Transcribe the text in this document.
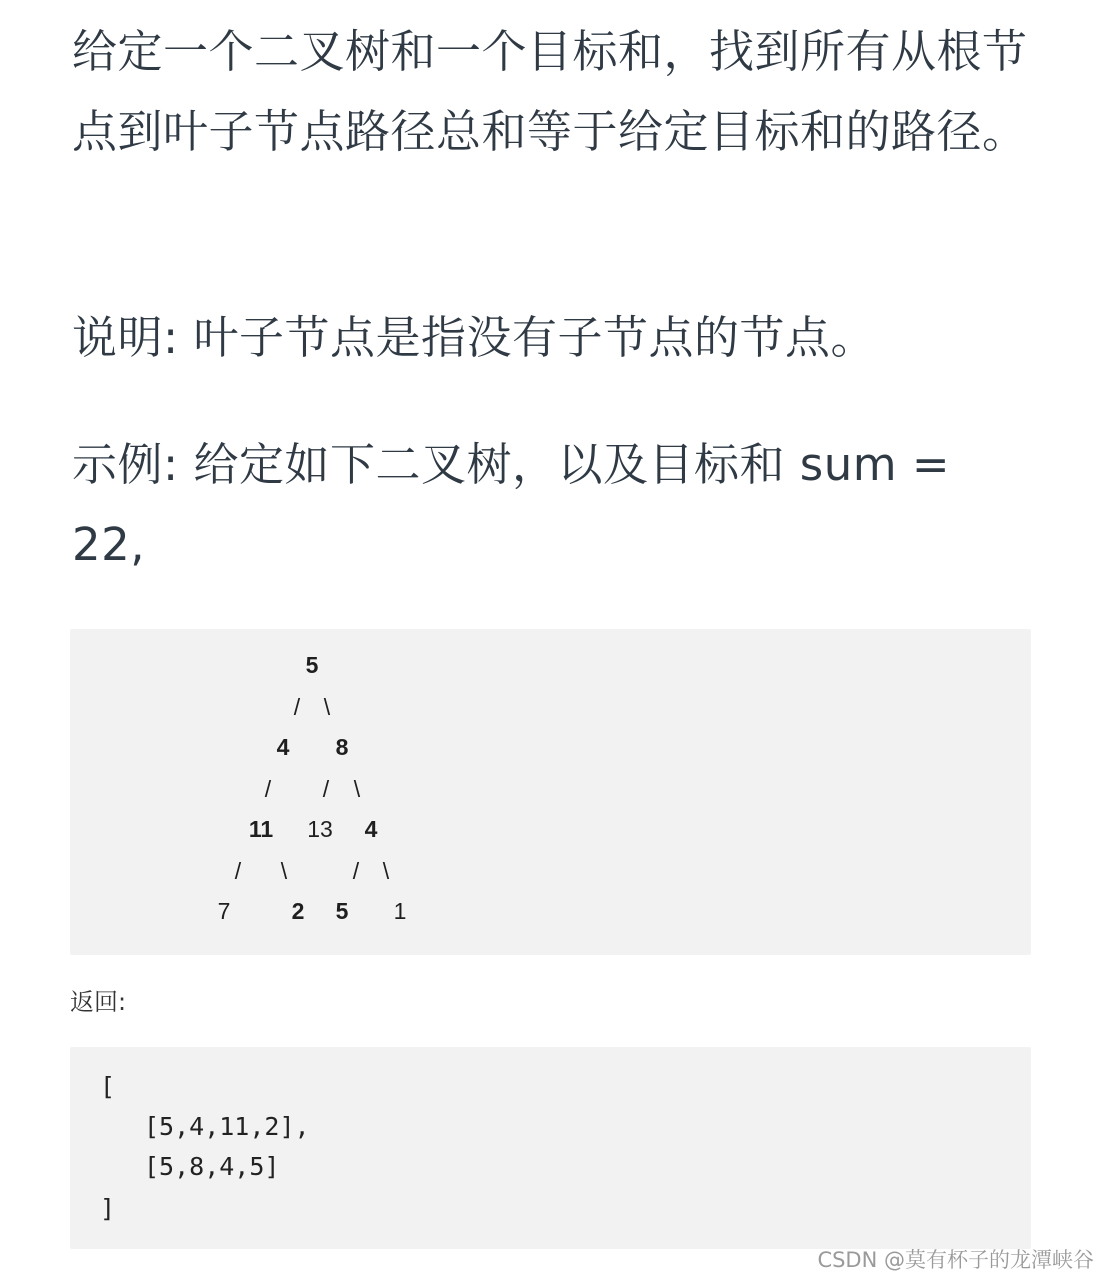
给定一个二叉树和一个目标和，找到所有从根节点到叶子节点路径总和等于给定目标和的路径。

说明: 叶子节点是指没有子节点的节点。

示例: 给定如下二叉树，以及目标和 sum = 22,

5

/

\

4

8

/

/

\

11

13

4

/

\

	/

\

7

	2

5

1

返回:

[
[5,4,11,2],
[5,8,4,5]
]
CSDN @莫有杯子的龙潭峡谷
